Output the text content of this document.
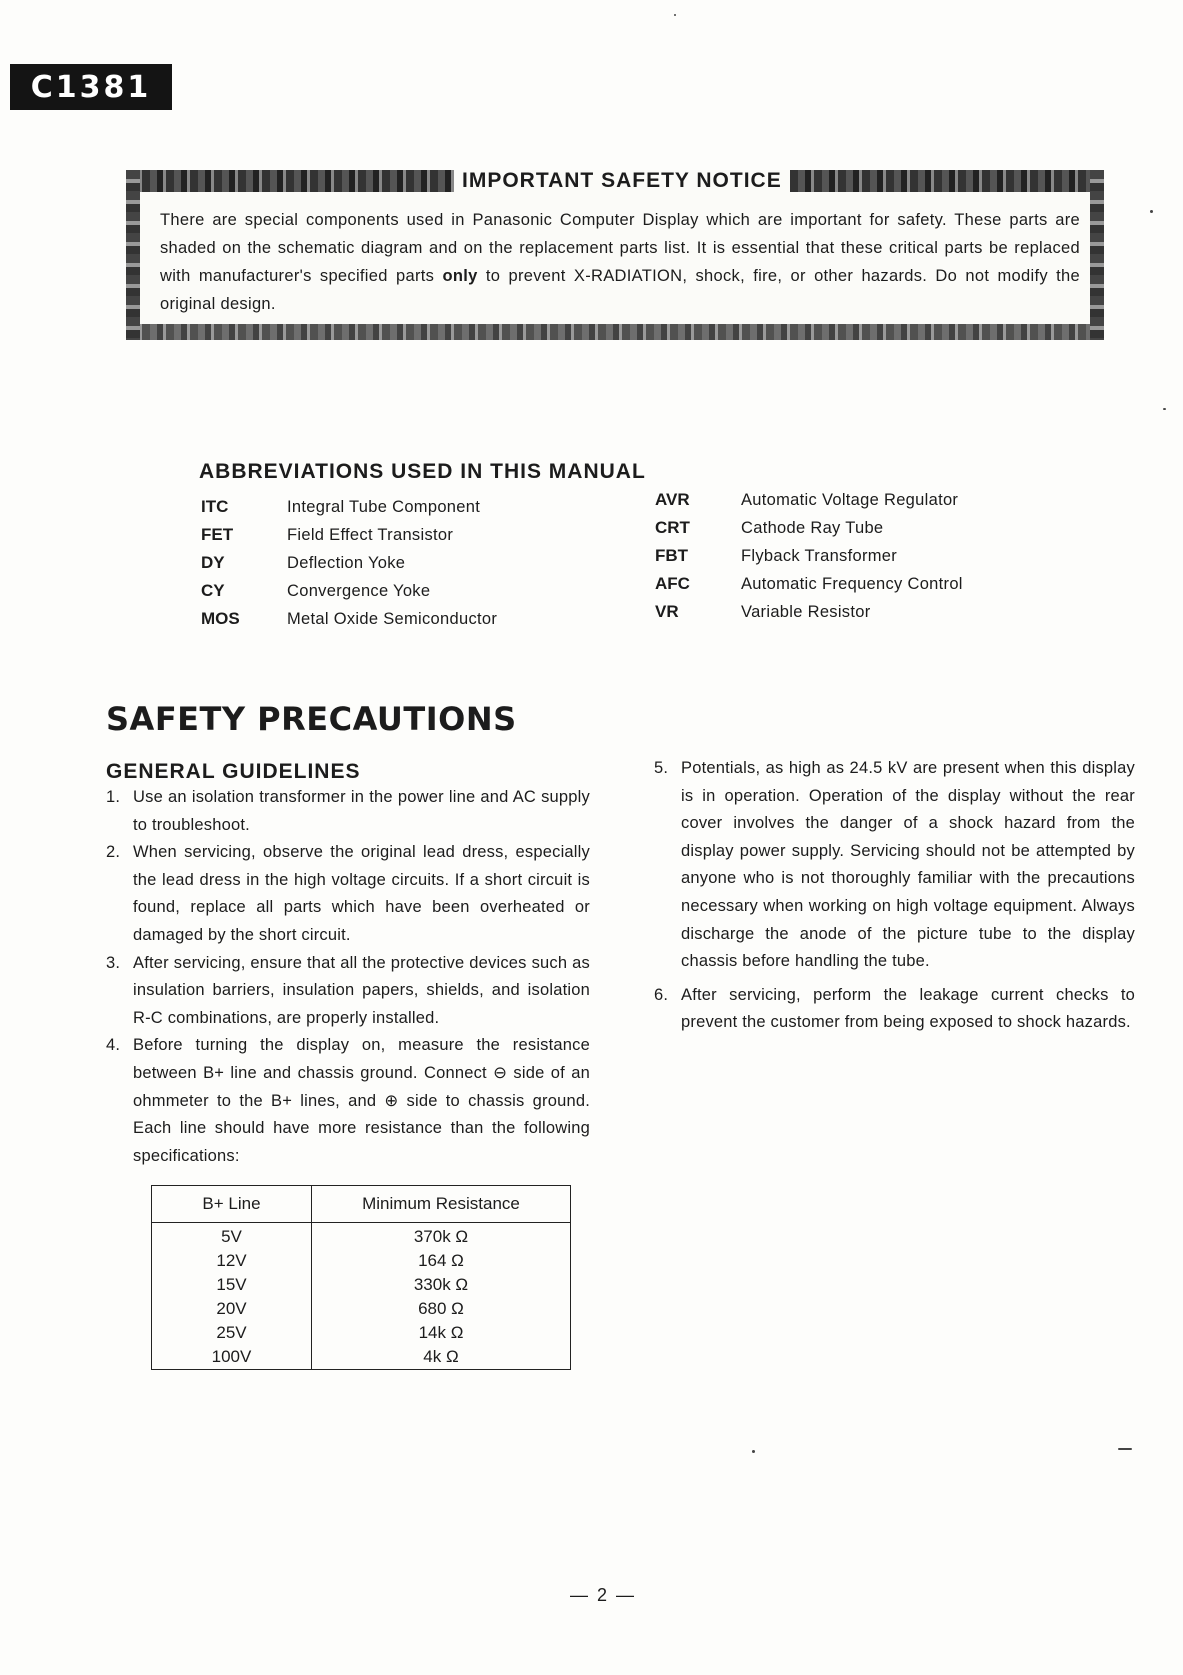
C1381
IMPORTANT SAFETY NOTICE
There are special components used in Panasonic Computer Display which are important for safety. These parts are shaded on the schematic diagram and on the replacement parts list. It is essential that these critical parts be replaced with manufacturer's specified parts only to prevent X-RADIATION, shock, fire, or other hazards. Do not modify the original design.
ABBREVIATIONS USED IN THIS MANUAL
ITC	Integral Tube Component
FET	Field Effect Transistor
DY	Deflection Yoke
CY	Convergence Yoke
MOS	Metal Oxide Semiconductor
AVR	Automatic Voltage Regulator
CRT	Cathode Ray Tube
FBT	Flyback Transformer
AFC	Automatic Frequency Control
VR	Variable Resistor
SAFETY PRECAUTIONS
GENERAL GUIDELINES
1. Use an isolation transformer in the power line and AC supply to troubleshoot.
2. When servicing, observe the original lead dress, especially the lead dress in the high voltage circuits. If a short circuit is found, replace all parts which have been overheated or damaged by the short circuit.
3. After servicing, ensure that all the protective devices such as insulation barriers, insulation papers, shields, and isolation R-C combinations, are properly installed.
4. Before turning the display on, measure the resistance between B+ line and chassis ground. Connect ⊖ side of an ohmmeter to the B+ lines, and ⊕ side to chassis ground. Each line should have more resistance than the following specifications:
5. Potentials, as high as 24.5 kV are present when this display is in operation. Operation of the display without the rear cover involves the danger of a shock hazard from the display power supply. Servicing should not be attempted by anyone who is not thoroughly familiar with the precautions necessary when working on high voltage equipment. Always discharge the anode of the picture tube to the display chassis before handling the tube.
6. After servicing, perform the leakage current checks to prevent the customer from being exposed to shock hazards.
B+ Line	Minimum Resistance
5V	370k Ω
12V	164 Ω
15V	330k Ω
20V	680 Ω
25V	14k Ω
100V	4k Ω
— 2 —
